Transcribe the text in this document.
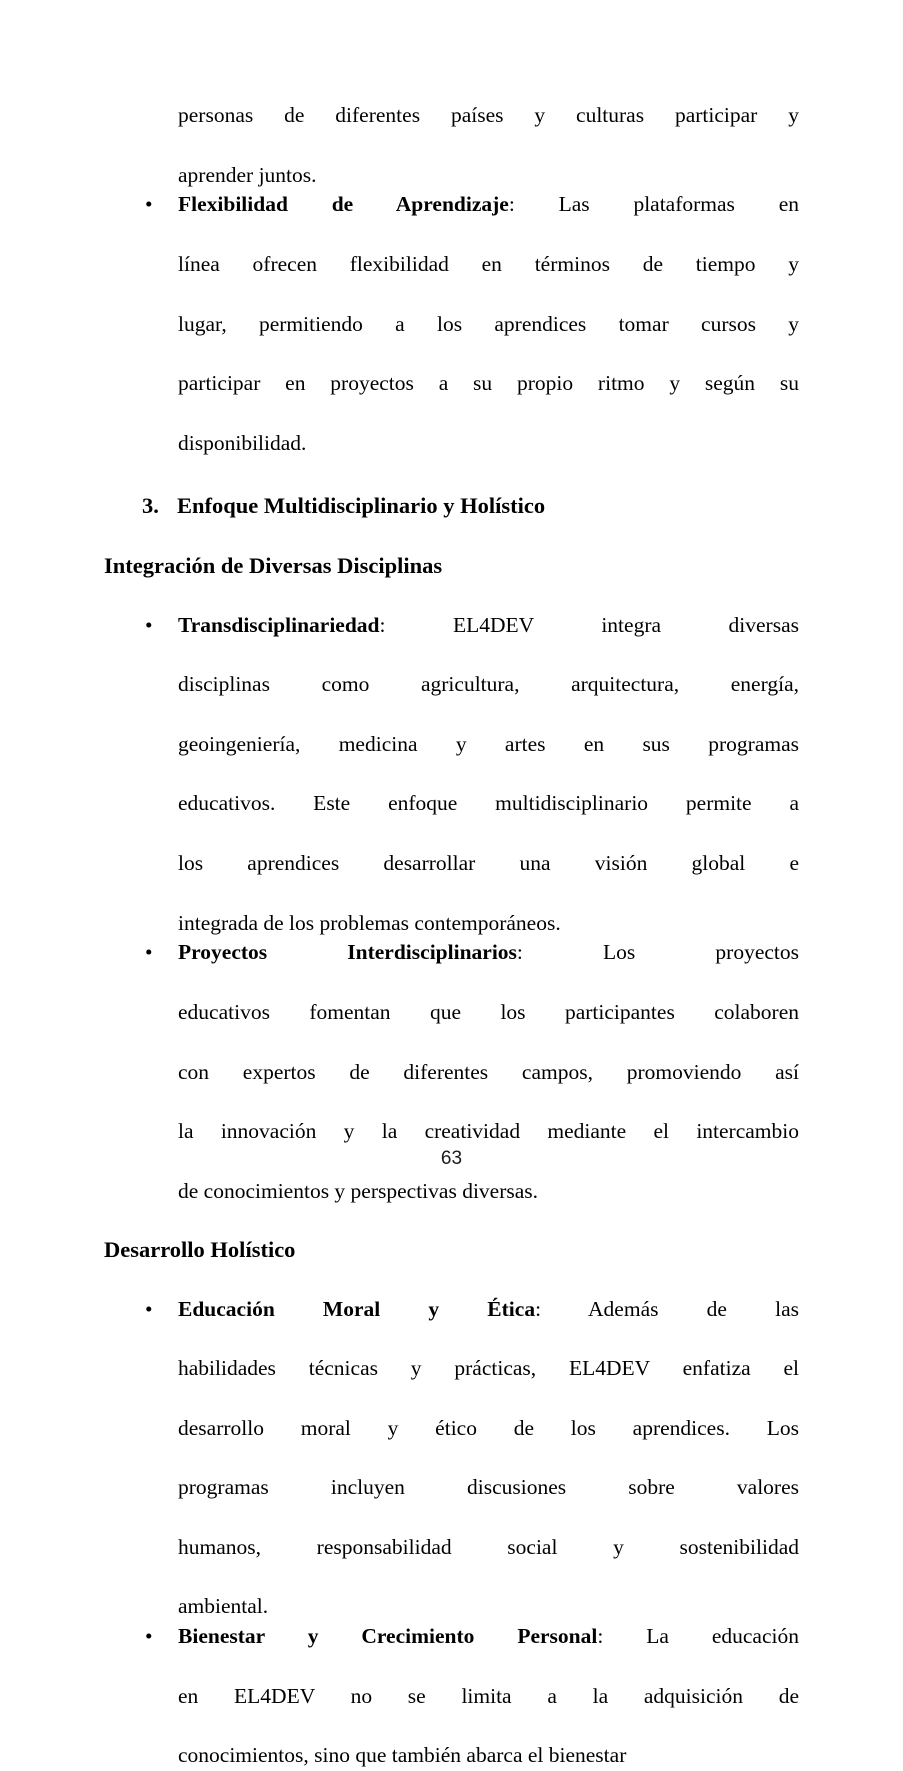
personas de diferentes países y culturas participar y
aprender juntos.
• Flexibilidad de Aprendizaje: Las plataformas en
línea ofrecen flexibilidad en términos de tiempo y
lugar, permitiendo a los aprendices tomar cursos y
participar en proyectos a su propio ritmo y según su
disponibilidad.
3. Enfoque Multidisciplinario y Holístico
Integración de Diversas Disciplinas
• Transdisciplinariedad: EL4DEV integra diversas
disciplinas como agricultura, arquitectura, energía,
geoingeniería, medicina y artes en sus programas
educativos. Este enfoque multidisciplinario permite a
los aprendices desarrollar una visión global e
integrada de los problemas contemporáneos.
• Proyectos Interdisciplinarios: Los proyectos
educativos fomentan que los participantes colaboren
con expertos de diferentes campos, promoviendo así
la innovación y la creatividad mediante el intercambio
de conocimientos y perspectivas diversas.
Desarrollo Holístico
• Educación Moral y Ética: Además de las
habilidades técnicas y prácticas, EL4DEV enfatiza el
desarrollo moral y ético de los aprendices. Los
programas incluyen discusiones sobre valores
humanos, responsabilidad social y sostenibilidad
ambiental.
• Bienestar y Crecimiento Personal: La educación
en EL4DEV no se limita a la adquisición de
conocimientos, sino que también abarca el bienestar
63
